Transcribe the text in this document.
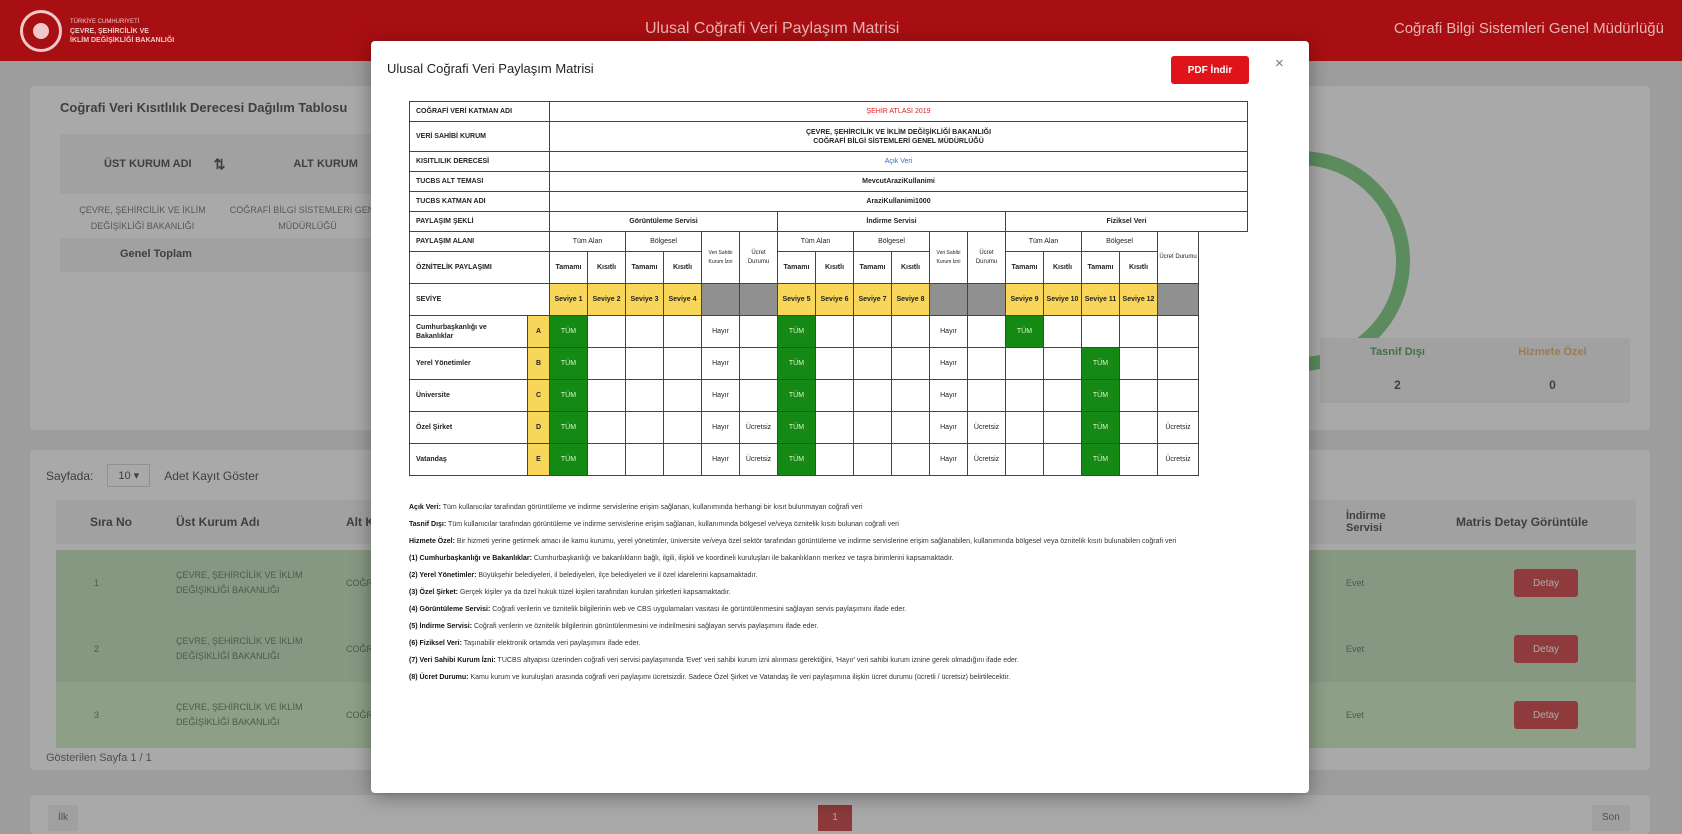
TÜRKİYE CUMHURİYETİ
ÇEVRE, ŞEHİRCİLİK VE
İKLİM DEĞİŞİKLİĞİ BAKANLIĞI
Ulusal Coğrafi Veri Paylaşım Matrisi	Coğrafi Bilgi Sistemleri Genel Müdürlüğü
Ulusal Coğrafi Veri Paylaşım Matrisi	PDF İndir	×
COĞRAFİ VERİ KATMAN ADI		ŞEHİR ATLASI 2019																
VERİ SAHİBİ KURUM		ÇEVRE, ŞEHİRCİLİK VE İKLİM DEĞİŞİKLİĞİ BAKANLIĞI
COĞRAFİ BİLGİ SİSTEMLERİ GENEL MÜDÜRLÜĞÜ																

KISITLILIK DERECESİ		Açık Veri																
TUCBS ALT TEMASI		MevcutAraziKullanimi																
TUCBS KATMAN ADI		AraziKullanimi1000																
PAYLAŞIM ŞEKLİ		Görüntüleme Servisi						İndirme Servisi						Fiziksel Veri				
PAYLAŞIM ALANI		Tüm Alan		Bölgesel		Veri Sahibi Kurum İzni	Ücret Durumu	Tüm Alan		Bölgesel		Veri Sahibi Kurum İzni	Ücret Durumu	Tüm Alan		Bölgesel		Ücret Durumu
ÖZNİTELİK PAYLAŞIMI		Tamamı	Kısıtlı	Tamamı	Kısıtlı			Tamamı	Kısıtlı	Tamamı	Kısıtlı			Tamamı	Kısıtlı	Tamamı	Kısıtlı	
SEVİYE		Seviye 1	Seviye 2	Seviye 3	Seviye 4			Seviye 5	Seviye 6	Seviye 7	Seviye 8			Seviye 9	Seviye 10	Seviye 11	Seviye 12	
Cumhurbaşkanlığı ve Bakanlıklar	A	TÜM				Hayır		TÜM				Hayır		TÜM				
Yerel Yönetimler	B	TÜM				Hayır		TÜM				Hayır				TÜM		
Üniversite	C	TÜM				Hayır		TÜM				Hayır				TÜM		
Özel Şirket	D	TÜM				Hayır	Ücretsiz	TÜM				Hayır	Ücretsiz			TÜM		Ücretsiz
Vatandaş	E	TÜM				Hayır	Ücretsiz	TÜM				Hayır	Ücretsiz			TÜM		Ücretsiz

Açık Veri: Tüm kullanıcılar tarafından görüntüleme ve indirme servislerine erişim sağlanan, kullanımında herhangi bir kısıt bulunmayan coğrafi veri

Tasnif Dışı: Tüm kullanıcılar tarafından görüntüleme ve indirme servislerine erişim sağlanan, kullanımında bölgesel ve/veya öznitelik kısıtı bulunan coğrafi veri

Hizmete Özel: Bir hizmeti yerine getirmek amacı ile kamu kurumu, yerel yönetimler, üniversite ve/veya özel sektör tarafından görüntüleme ve indirme servislerine erişim sağlanabilen, kullanımında bölgesel veya öznitelik kısıtı bulunabilen coğrafi veri

(1) Cumhurbaşkanlığı ve Bakanlıklar: Cumhurbaşkanlığı ve bakanlıkların bağlı, ilgili, ilişkili ve koordineli kuruluşları ile bakanlıkların merkez ve taşra birimlerini kapsamaktadır.

(2) Yerel Yönetimler: Büyükşehir belediyeleri, il belediyeleri, ilçe belediyeleri ve il özel idarelerini kapsamaktadır.

(3) Özel Şirket: Gerçek kişiler ya da özel hukuk tüzel kişileri tarafından kurulan şirketleri kapsamaktadır.

(4) Görüntüleme Servisi: Coğrafi verilerin ve öznitelik bilgilerinin web ve CBS uygulamaları vasıtası ile görüntülenmesini sağlayan servis paylaşımını ifade eder.

(5) İndirme Servisi: Coğrafi verilerin ve öznitelik bilgilerinin görüntülenmesini ve indirilmesini sağlayan servis paylaşımını ifade eder.

(6) Fiziksel Veri: Taşınabilir elektronik ortamda veri paylaşımını ifade eder.

(7) Veri Sahibi Kurum İzni: TUCBS altyapısı üzerinden coğrafi veri servisi paylaşımında 'Evet' veri sahibi kurum izni alınması gerektiğini, 'Hayır' veri sahibi kurum iznine gerek olmadığını ifade eder.

(8) Ücret Durumu: Kamu kurum ve kuruluşları arasında coğrafi veri paylaşımı ücretsizdir. Sadece Özel Şirket ve Vatandaş ile veri paylaşımına ilişkin ücret durumu (ücretli / ücretsiz) belirtilecektir.
